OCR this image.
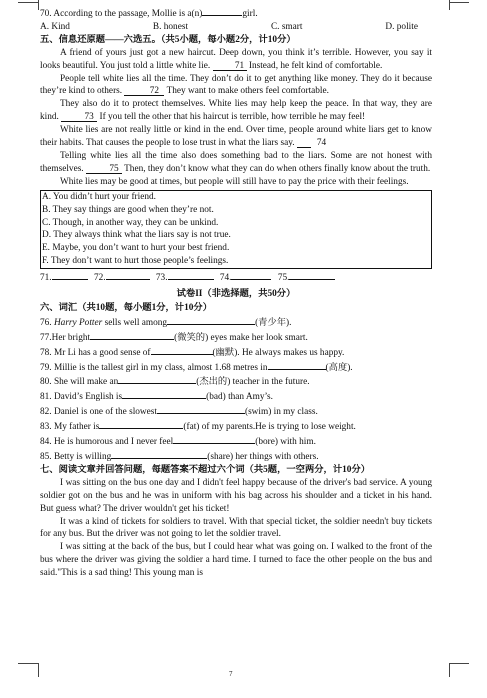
70. According to the passage, Mollie is a(n)	girl.
A. Kind	B. honest	C. smart	D. polite
五、信息还原题——六选五。（共5小题，每小题2分，计10分）

A friend of yours just got a new haircut. Deep down, you think it’s terrible. However, you say it looks beautiful. You just told a little white lie.	71 Instead, he felt kind of comfortable.

People tell white lies all the time. They don’t do it to get anything like money. They do it because they’re kind to others.	72 They want to make others feel comfortable.

They also do it to protect themselves. White lies may help keep the peace. In that way, they are kind.	73 If you tell the other that his haircut is terrible, how terrible he may feel!

White lies are not really little or kind in the end. Over time, people around white liars get to know their habits. That causes the people to lose trust in what the liars say. 74

Telling white lies all the time also does something bad to the liars. Some are not honest with themselves.	75 Then, they don’t know what they can do when others finally know about the truth.

White lies may be good at times, but people will still have to pay the price with their feelings.

A. You didn’t hurt your friend.
B. They say things are good when they’re not.
C. Though, in another way, they can be unkind.
D. They always think what the liars say is not true.
E. Maybe, you don’t want to hurt your best friend.
F. They don’t want to hurt those people’s feelings.
71.	72.	73.	74.	75.
试卷II（非选择题，共50分）
六、词汇（共10题，每小题1分，计10分）
76. Harry Potter sells well among	(青少年).
77.Her bright	(微笑的) eyes make her look smart.
78. Mr Li has a good sense of	(幽默). He always makes us happy.
79. Millie is the tallest girl in my class, almost 1.68 metres in	(高度).
80. She will make an	(杰出的) teacher in the future.
81. David’s English is	(bad) than Amy’s.
82. Daniel is one of the slowest	(swim) in my class.
83. My father is	(fat) of my parents.He is trying to lose weight.
84. He is humorous and I never feel	(bore) with him.
85. Betty is willing	(share) her things with others.
七、阅读文章并回答问题，每题答案不超过六个词（共5题，一空两分，计10分）

I was sitting on the bus one day and I didn't feel happy because of the driver's bad service. A young soldier got on the bus and he was in uniform with his bag across his shoulder and a ticket in his hand. But guess what? The driver wouldn't get his ticket!

It was a kind of tickets for soldiers to travel. With that special ticket, the soldier needn't buy tickets for any bus. But the driver was not going to let the soldier travel.

I was sitting at the back of the bus, but I could hear what was going on. I walked to the front of the bus where the driver was giving the soldier a hard time. I turned to face the other people on the bus and said."This is a sad thing! This young man is

7
